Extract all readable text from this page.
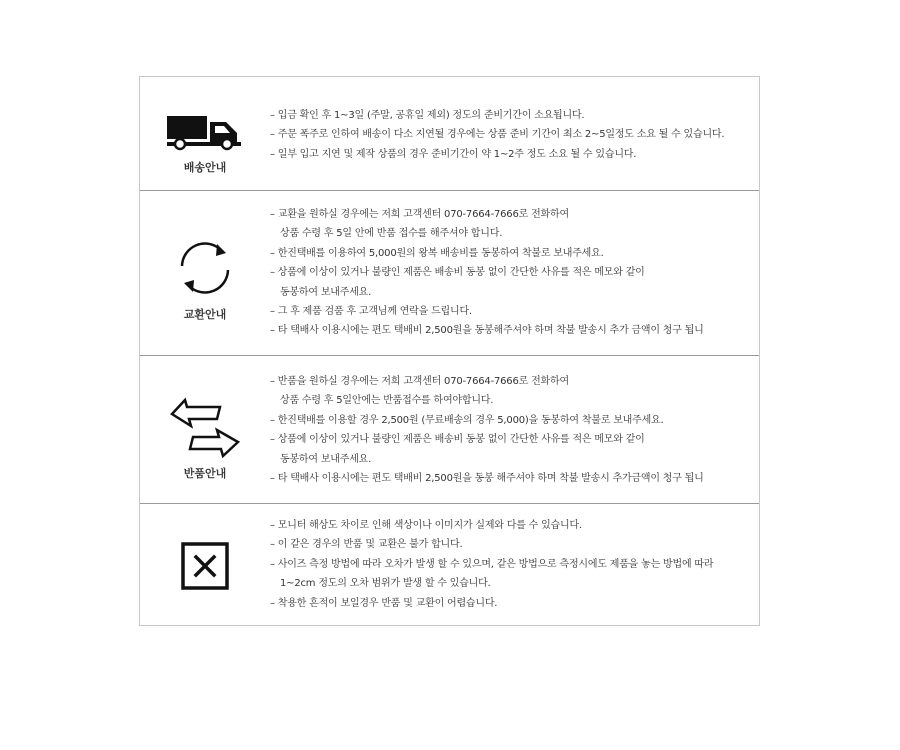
배송안내
– 입금 확인 후 1~3일 (주말, 공휴일 제외) 정도의 준비기간이 소요됩니다.
– 주문 폭주로 인하여 배송이 다소 지연될 경우에는 상품 준비 기간이 최소 2~5일정도 소요 될 수 있습니다.
– 일부 입고 지연 및 제작 상품의 경우 준비기간이 약 1~2주 정도 소요 될 수 있습니다.
교환안내
– 교환을 원하실 경우에는 저희 고객센터 070-7664-7666로 전화하여
상품 수령 후 5일 안에 반품 접수를 해주셔야 합니다.
– 한진택배를 이용하여 5,000원의 왕복 배송비를 동봉하여 착불로 보내주세요.
– 상품에 이상이 있거나 불량인 제품은 배송비 동봉 없이 간단한 사유를 적은 메모와 같이
동봉하여 보내주세요.
– 그 후 제품 검품 후 고객님께 연락을 드립니다.
– 타 택배사 이용시에는 편도 택배비 2,500원을 동봉해주셔야 하며 착불 발송시 추가 금액이 청구 됩니
반품안내
– 반품을 원하실 경우에는 저희 고객센터 070-7664-7666로 전화하여
상품 수령 후 5일안에는 반품접수를 하여야합니다.
– 한진택배를 이용할 경우 2,500원 (무료배송의 경우 5,000)을 동봉하여 착불로 보내주세요.
– 상품에 이상이 있거나 불량인 제품은 배송비 동봉 없이 간단한 사유를 적은 메모와 같이
동봉하여 보내주세요.
– 타 택배사 이용시에는 편도 택배비 2,500원을 동봉 해주셔야 하며 착불 발송시 추가금액이 청구 됩니
– 모니터 해상도 차이로 인해 색상이나 이미지가 실제와 다를 수 있습니다.
– 이 같은 경우의 반품 및 교환은 불가 합니다.
– 사이즈 측정 방법에 따라 오차가 발생 할 수 있으며, 같은 방법으로 측정시에도 제품을 놓는 방법에 따라
1~2cm 정도의 오차 범위가 발생 할 수 있습니다.
– 착용한 흔적이 보일경우 반품 및 교환이 어렵습니다.
